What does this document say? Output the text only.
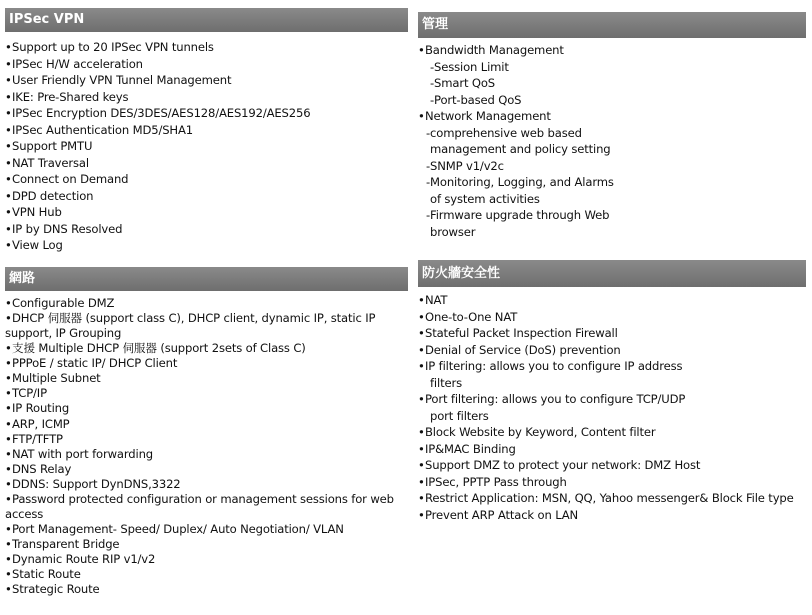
IPSec VPN
•Support up to 20 IPSec VPN tunnels
•IPSec H/W acceleration
•User Friendly VPN Tunnel Management
•IKE: Pre-Shared keys
•IPSec Encryption DES/3DES/AES128/AES192/AES256
•IPSec Authentication MD5/SHA1
•Support PMTU
•NAT Traversal
•Connect on Demand
•DPD detection
•VPN Hub
•IP by DNS Resolved
•View Log
網路
•Configurable DMZ
•DHCP 伺服器 (support class C), DHCP client, dynamic IP, static IP support, IP Grouping
•支援 Multiple DHCP 伺服器 (support 2sets of Class C)
•PPPoE / static IP/ DHCP Client
•Multiple Subnet
•TCP/IP
•IP Routing
•ARP, ICMP
•FTP/TFTP
•NAT with port forwarding
•DNS Relay
•DDNS: Support DynDNS,3322
•Password protected configuration or management sessions for web access
•Port Management- Speed/ Duplex/ Auto Negotiation/ VLAN
•Transparent Bridge
•Dynamic Route RIP v1/v2
•Static Route
•Strategic Route
管理
•Bandwidth Management
-Session Limit
-Smart QoS
-Port-based QoS
•Network Management
-comprehensive web based
management and policy setting
-SNMP v1/v2c
-Monitoring, Logging, and Alarms
of system activities
-Firmware upgrade through Web
browser
防火牆安全性
•NAT
•One-to-One NAT
•Stateful Packet Inspection Firewall
•Denial of Service (DoS) prevention
•IP filtering: allows you to configure IP address
filters
•Port filtering: allows you to configure TCP/UDP
port filters
•Block Website by Keyword, Content filter
•IP&MAC Binding
•Support DMZ to protect your network: DMZ Host
•IPSec, PPTP Pass through
•Restrict Application: MSN, QQ, Yahoo messenger& Block File type
•Prevent ARP Attack on LAN
